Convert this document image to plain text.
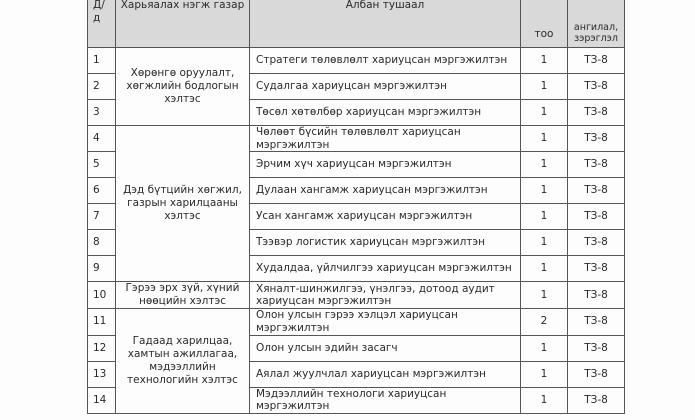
Д/д	Харьяалах нэгж газар	Албан тушаал	тоо	ангилал, зэрэглэл
1	Хөрөнгө оруулалт, хөгжлийн бодлогын хэлтэс	Стратеги төлөвлөлт хариуцсан мэргэжилтэн	1	ТЗ-8
2		Судалгаа хариуцсан мэргэжилтэн	1	ТЗ-8
3		Төсөл хөтөлбөр хариуцсан мэргэжилтэн	1	ТЗ-8
4	Дэд бүтцийн хөгжил, газрын харилцааны хэлтэс	Чөлөөт бүсийн төлөвлөлт хариуцсан мэргэжилтэн	1	ТЗ-8
5		Эрчим хүч хариуцсан мэргэжилтэн	1	ТЗ-8
6		Дулаан хангамж хариуцсан мэргэжилтэн	1	ТЗ-8
7		Усан хангамж хариуцсан мэргэжилтэн	1	ТЗ-8
8		Тээвэр логистик хариуцсан мэргэжилтэн	1	ТЗ-8
9		Худалдаа, үйлчилгээ хариуцсан мэргэжилтэн	1	ТЗ-8
10	Гэрээ эрх зүй, хүний нөөцийн хэлтэс	Хяналт-шинжилгээ, үнэлгээ, дотоод аудит хариуцсан мэргэжилтэн	1	ТЗ-8
11	Гадаад харилцаа, хамтын ажиллагаа, мэдээллийн технологийн хэлтэс	Олон улсын гэрээ хэлцэл хариуцсан мэргэжилтэн	2	ТЗ-8
12		Олон улсын эдийн засагч	1	ТЗ-8
13		Аялал жуулчлал хариуцсан мэргэжилтэн	1	ТЗ-8
14		Мэдээллийн технологи хариуцсан мэргэжилтэн	1	ТЗ-8
